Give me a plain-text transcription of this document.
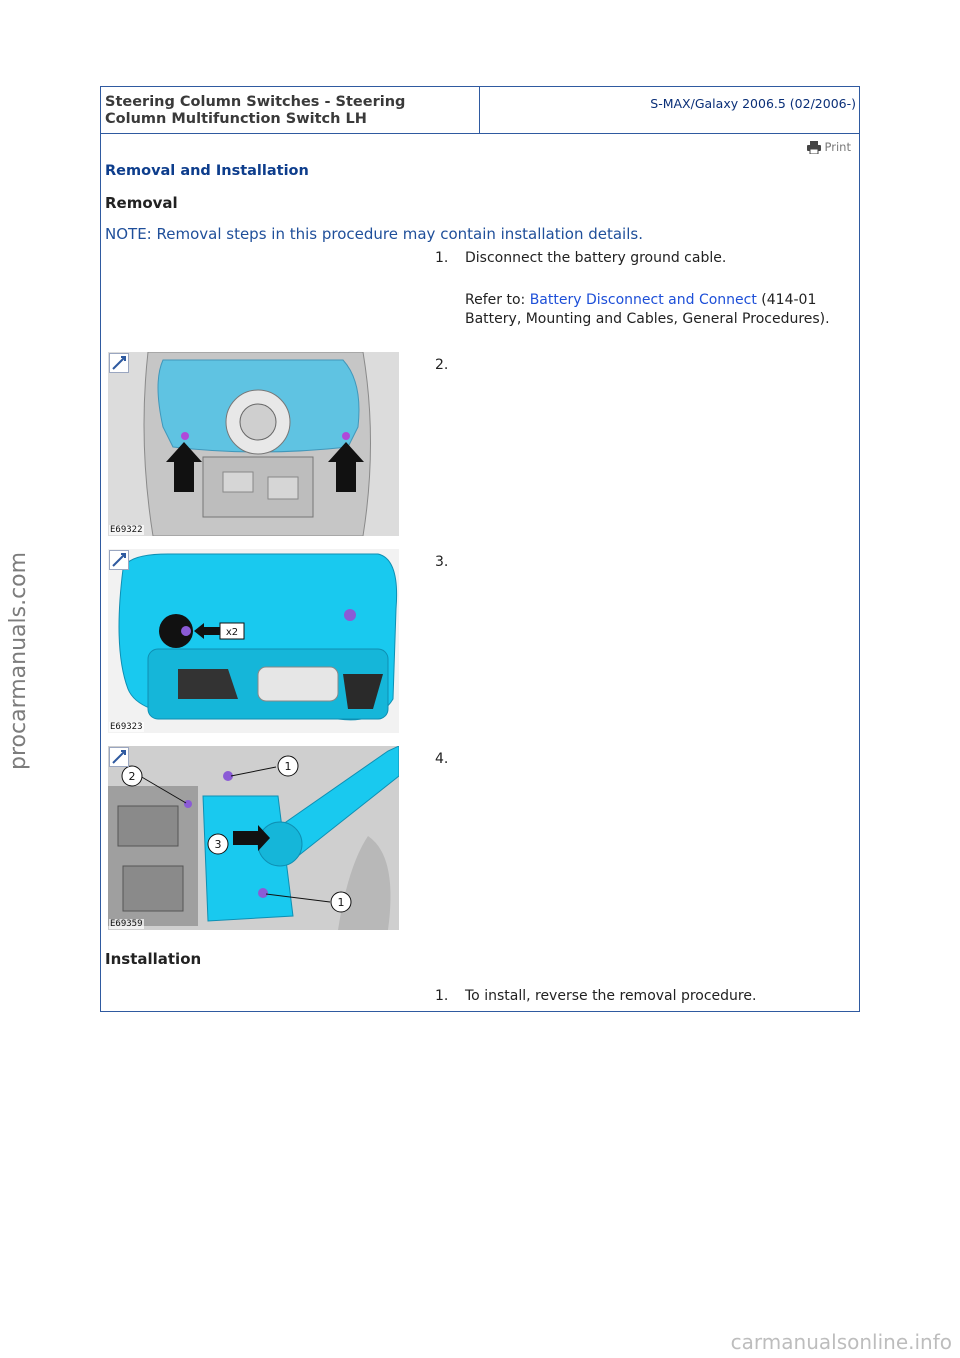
Steering Column Switches - Steering Column Multifunction Switch LH
S-MAX/Galaxy 2006.5 (02/2006-)
Print
Removal and Installation
Removal
NOTE: Removal steps in this procedure may contain installation details.
1. Disconnect the battery ground cable.
Refer to: Battery Disconnect and Connect (414-01 Battery, Mounting and Cables, General Procedures).
E69322
2.
x2
E69323
3.
1
2
3
1
E69359
4.
Installation
1. To install, reverse the removal procedure.
procarmanuals.com
carmanualsonline.info
